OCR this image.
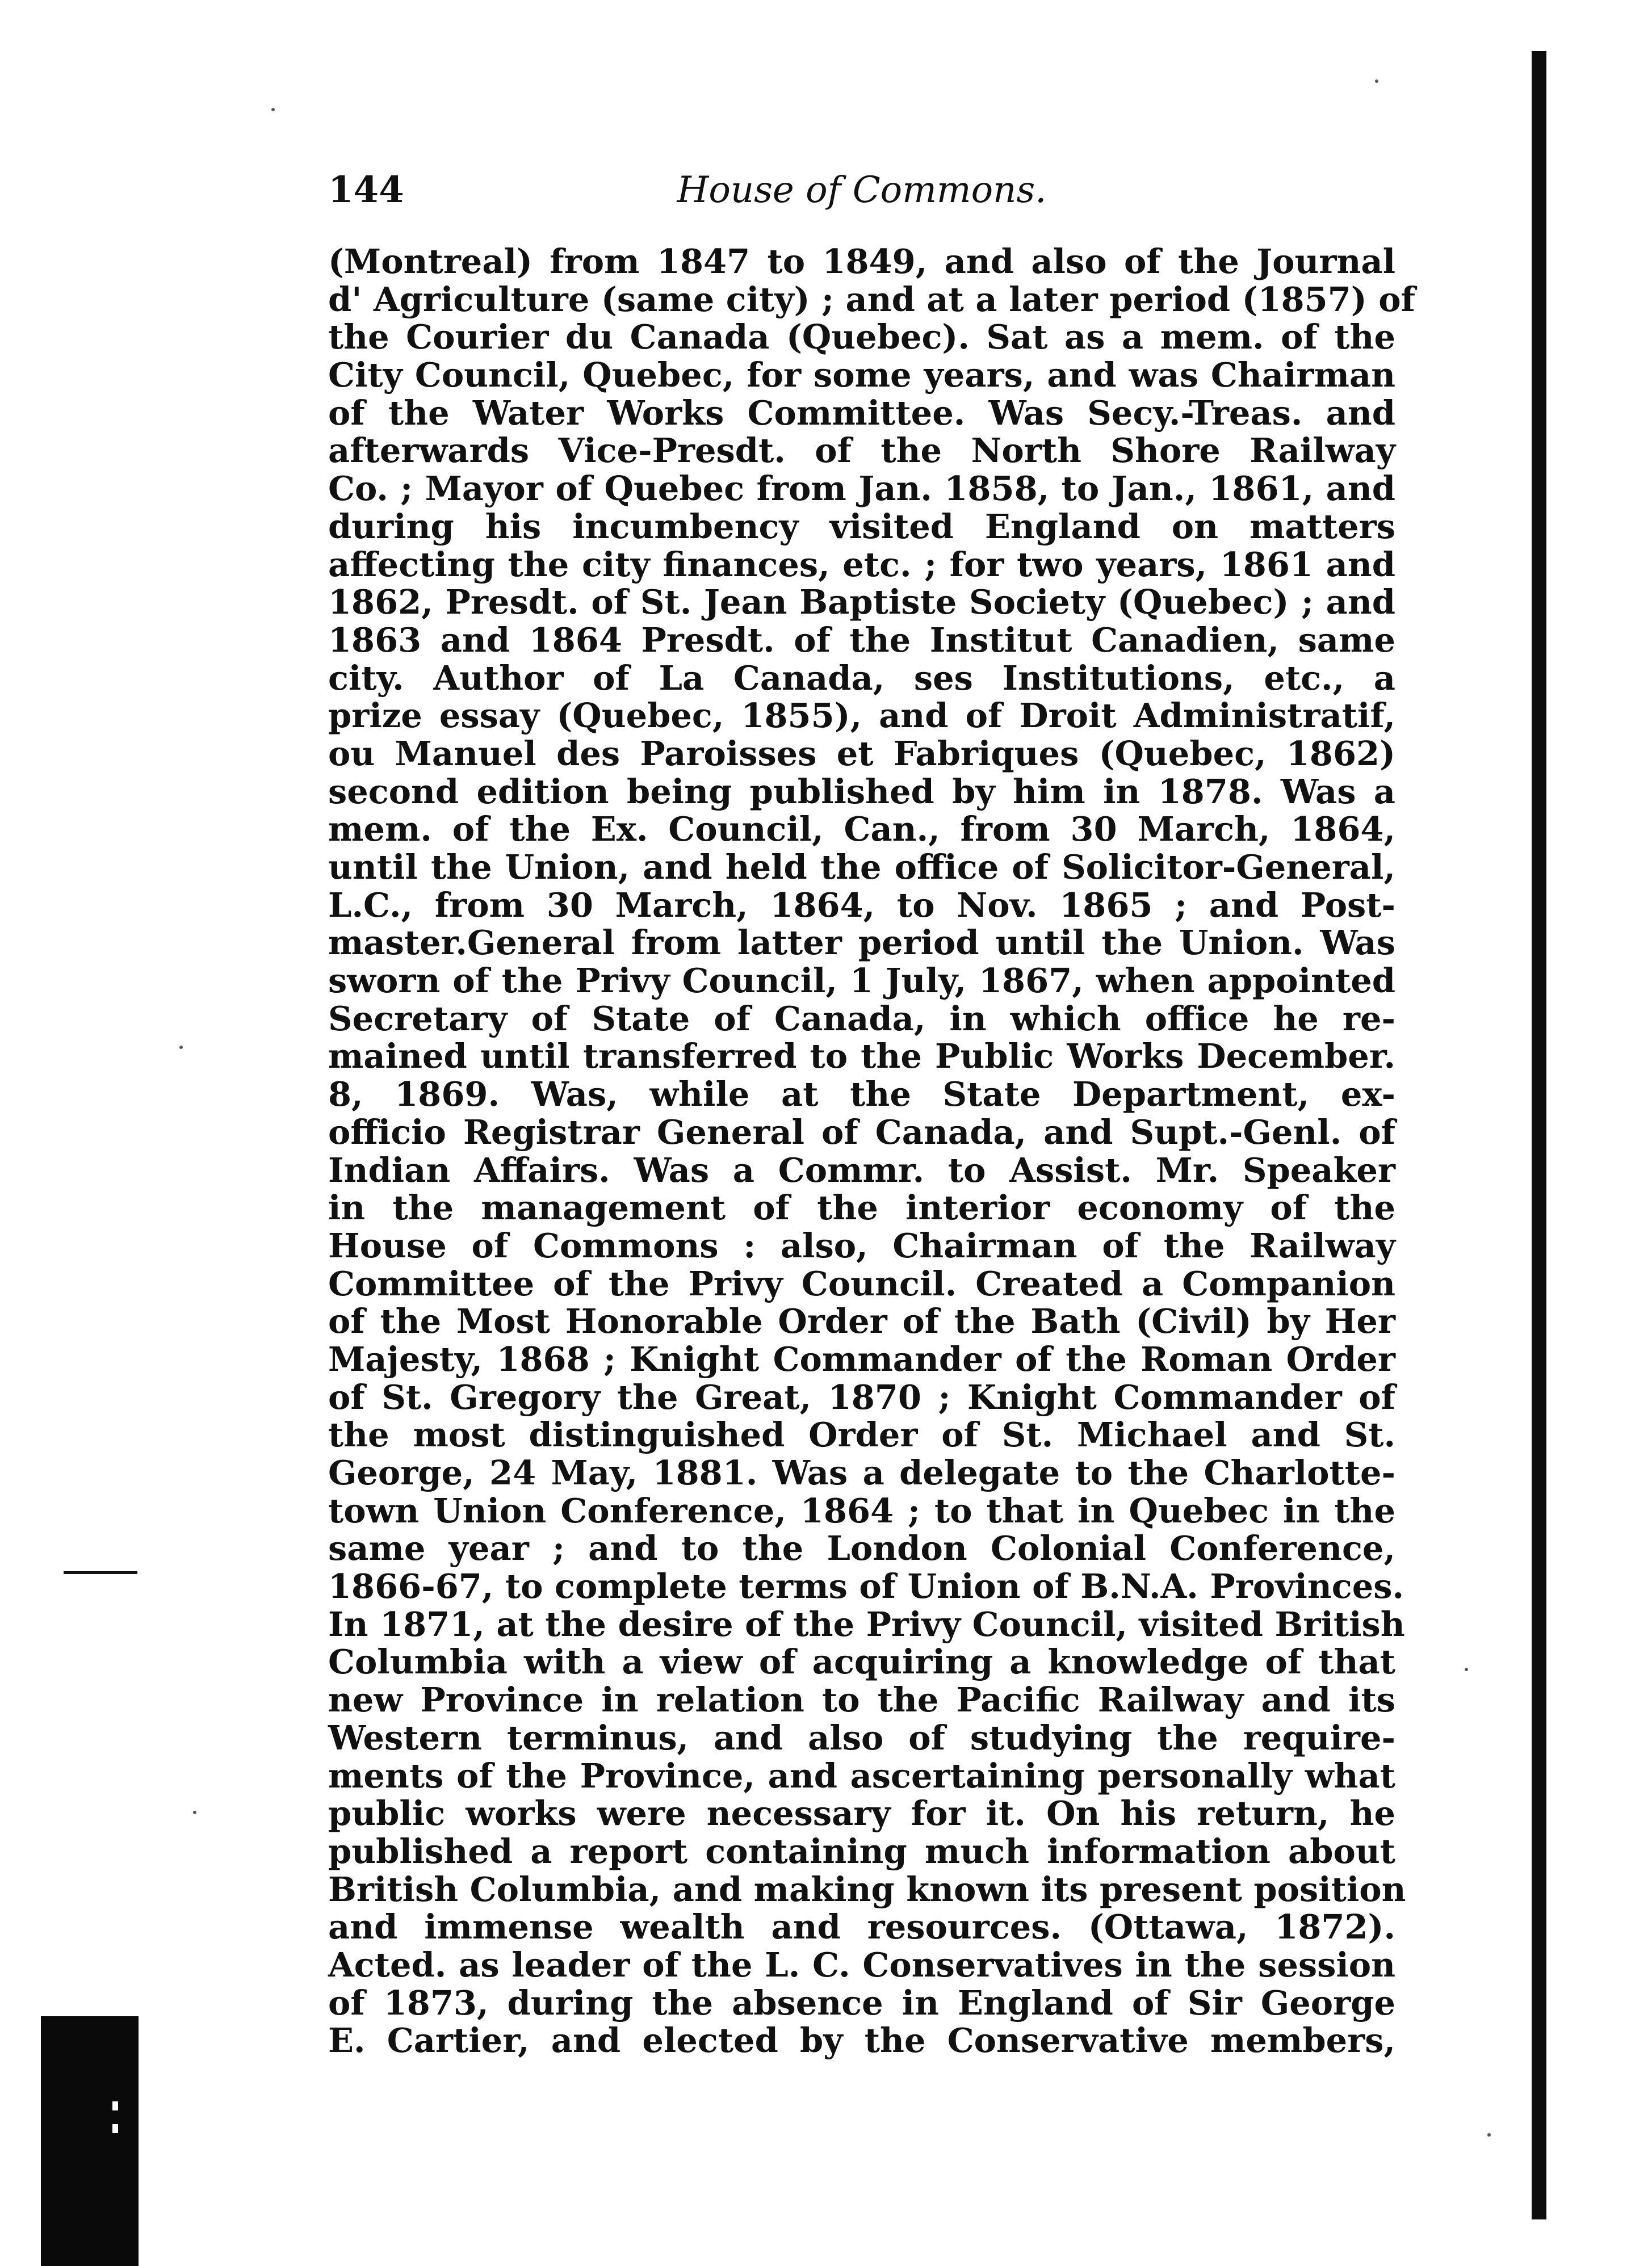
144	House of Commons.
(Montreal) from 1847 to 1849, and also of the Journal
d' Agriculture (same city) ; and at a later period (1857) of
the Courier du Canada (Quebec). Sat as a mem. of the
City Council, Quebec, for some years, and was Chairman
of the Water Works Committee. Was Secy.-Treas. and
afterwards Vice-Presdt. of the North Shore Railway
Co. ; Mayor of Quebec from Jan. 1858, to Jan., 1861, and
during his incumbency visited England on matters
affecting the city finances, etc. ; for two years, 1861 and
1862, Presdt. of St. Jean Baptiste Society (Quebec) ; and
1863 and 1864 Presdt. of the Institut Canadien, same
city. Author of La Canada, ses Institutions, etc., a
prize essay (Quebec, 1855), and of Droit Administratif,
ou Manuel des Paroisses et Fabriques (Quebec, 1862)
second edition being published by him in 1878. Was a
mem. of the Ex. Council, Can., from 30 March, 1864,
until the Union, and held the office of Solicitor-General,
L.C., from 30 March, 1864, to Nov. 1865 ; and Post-
master.General from latter period until the Union. Was
sworn of the Privy Council, 1 July, 1867, when appointed
Secretary of State of Canada, in which office he re-
mained until transferred to the Public Works December.
8, 1869. Was, while at the State Department, ex-
officio Registrar General of Canada, and Supt.-Genl. of
Indian Affairs. Was a Commr. to Assist. Mr. Speaker
in the management of the interior economy of the
House of Commons : also, Chairman of the Railway
Committee of the Privy Council. Created a Companion
of the Most Honorable Order of the Bath (Civil) by Her
Majesty, 1868 ; Knight Commander of the Roman Order
of St. Gregory the Great, 1870 ; Knight Commander of
the most distinguished Order of St. Michael and St.
George, 24 May, 1881. Was a delegate to the Charlotte-
town Union Conference, 1864 ; to that in Quebec in the
same year ; and to the London Colonial Conference,
1866-67, to complete terms of Union of B.N.A. Provinces.
In 1871, at the desire of the Privy Council, visited British
Columbia with a view of acquiring a knowledge of that
new Province in relation to the Pacific Railway and its
Western terminus, and also of studying the require-
ments of the Province, and ascertaining personally what
public works were necessary for it. On his return, he
published a report containing much information about
British Columbia, and making known its present position
and immense wealth and resources. (Ottawa, 1872).
Acted. as leader of the L. C. Conservatives in the session
of 1873, during the absence in England of Sir George
E. Cartier, and elected by the Conservative members,
